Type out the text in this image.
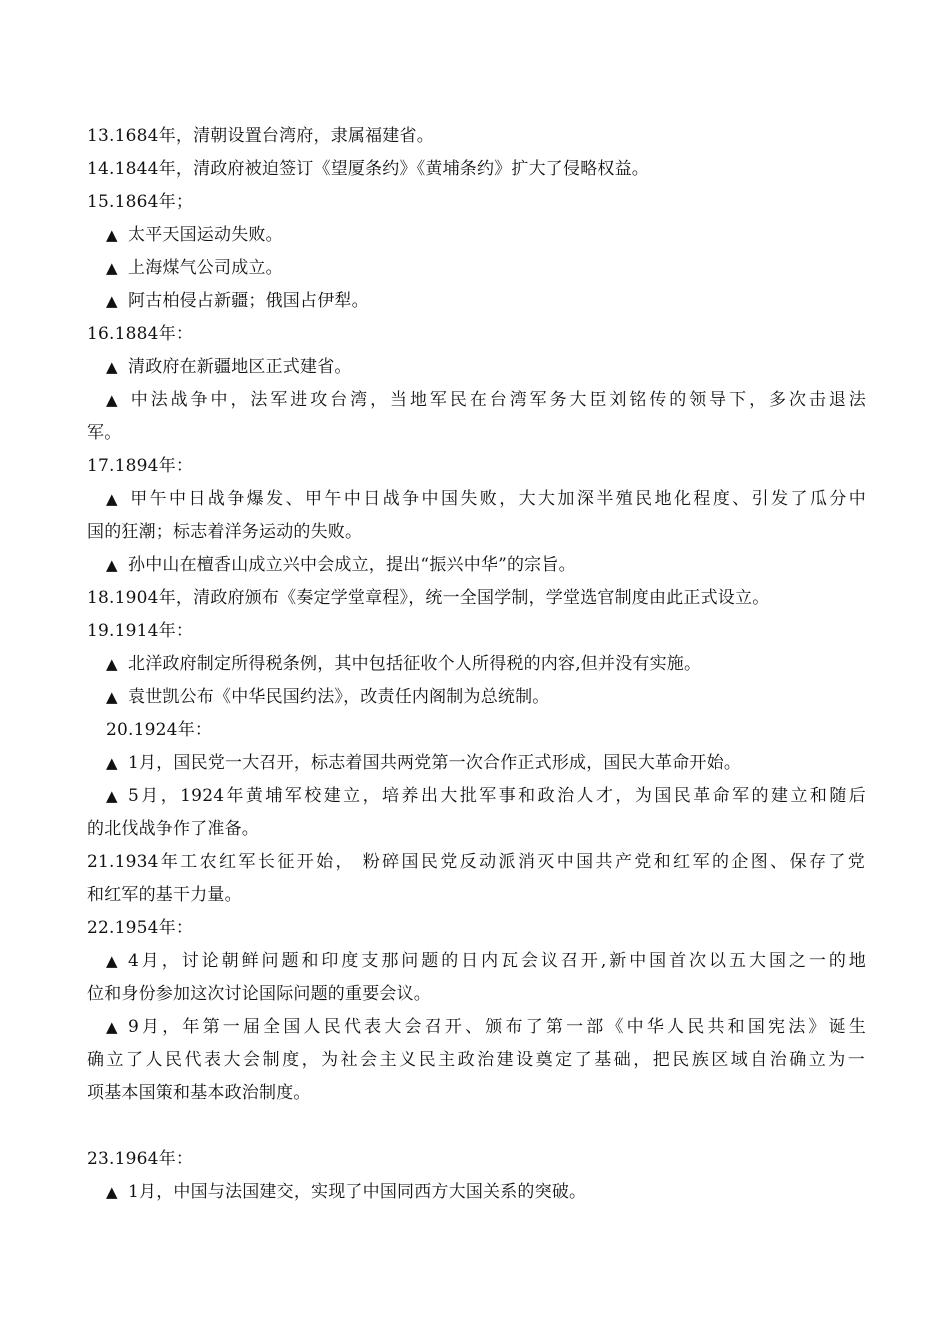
13.1684年，清朝设置台湾府，隶属福建省。
14.1844年，清政府被迫签订《望厦条约》《黄埔条约》扩大了侵略权益。
15.1864年；
▲ 太平天国运动失败。
▲ 上海煤气公司成立。
▲ 阿古柏侵占新疆；俄国占伊犁。
16.1884年：
▲ 清政府在新疆地区正式建省。
▲ 中法战争中，法军进攻台湾，当地军民在台湾军务大臣刘铭传的领导下，多次击退法
军。
17.1894年：
▲ 甲午中日战争爆发、甲午中日战争中国失败，大大加深半殖民地化程度、引发了瓜分中
国的狂潮；标志着洋务运动的失败。
▲ 孙中山在檀香山成立兴中会成立，提出“振兴中华”的宗旨。
18.1904年，清政府颁布《奏定学堂章程》，统一全国学制，学堂选官制度由此正式设立。
19.1914年：
▲ 北洋政府制定所得税条例，其中包括征收个人所得税的内容,但并没有实施。
▲ 袁世凯公布《中华民国约法》，改责任内阁制为总统制。
20.1924年：
▲ 1月，国民党一大召开，标志着国共两党第一次合作正式形成，国民大革命开始。
▲ 5月，1924年黄埔军校建立，培养出大批军事和政治人才，为国民革命军的建立和随后
的北伐战争作了准备。
21.1934年工农红军长征开始， 粉碎国民党反动派消灭中国共产党和红军的企图、保存了党
和红军的基干力量。
22.1954年：
▲ 4月，讨论朝鲜问题和印度支那问题的日内瓦会议召开,新中国首次以五大国之一的地
位和身份参加这次讨论国际问题的重要会议。
▲ 9月，年第一届全国人民代表大会召开、颁布了第一部《中华人民共和国宪法》诞生
确立了人民代表大会制度，为社会主义民主政治建设奠定了基础，把民族区域自治确立为一
项基本国策和基本政治制度。
23.1964年：
▲ 1月，中国与法国建交，实现了中国同西方大国关系的突破。
